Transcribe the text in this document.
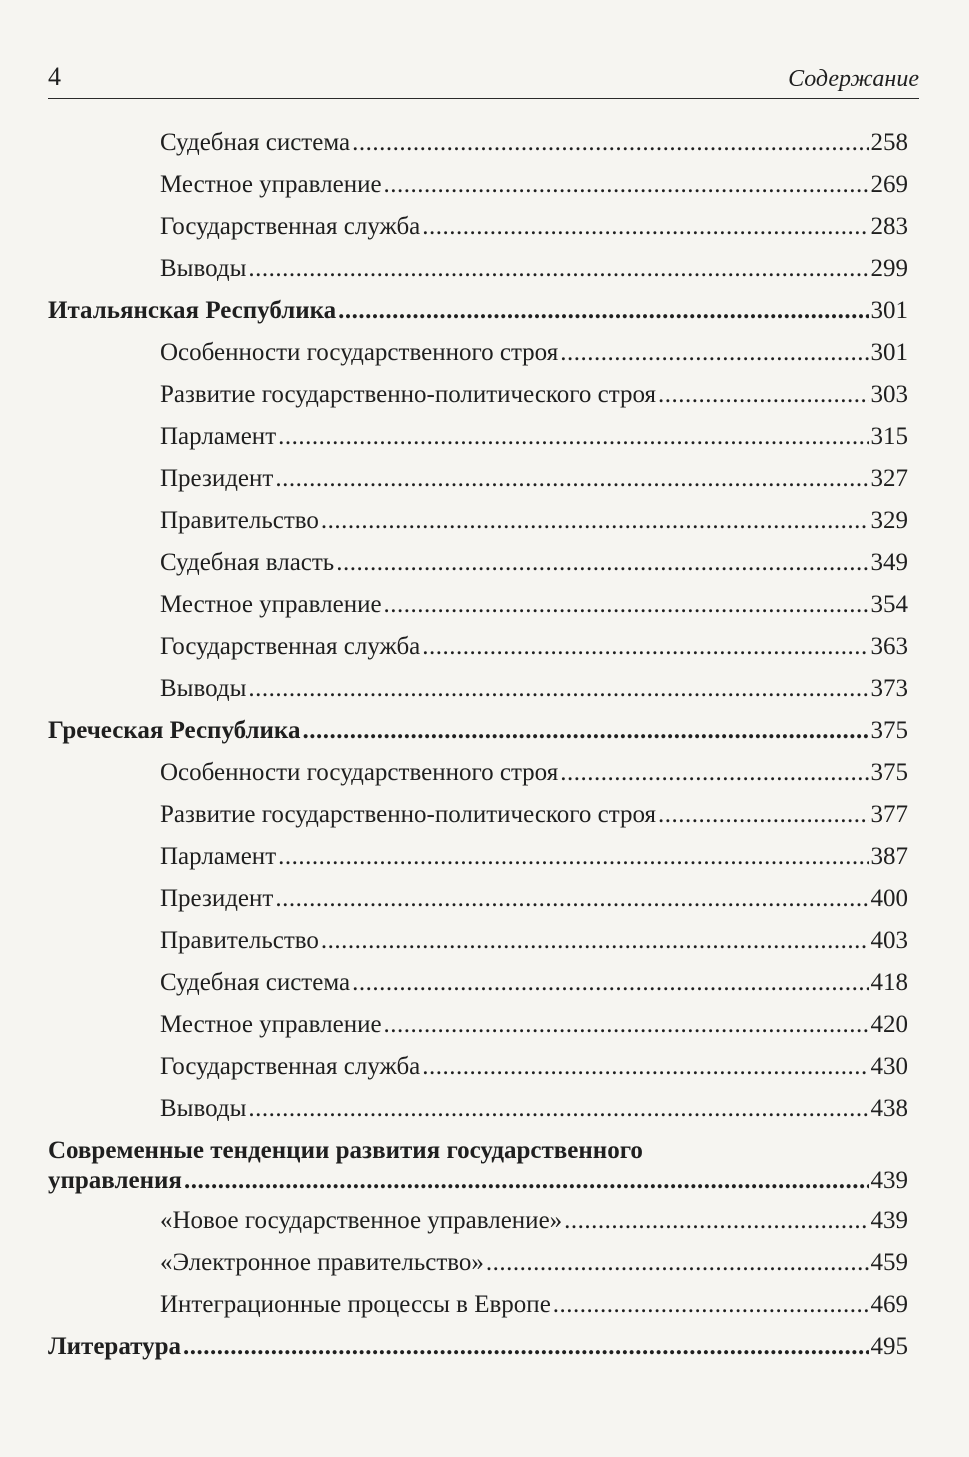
4	Содержание
Судебная система .....	258
Местное управление .....	269
Государственная служба .....	283
Выводы .....	299
Итальянская Республика .....	301
Особенности государственного строя .....	301
Развитие государственно-политического строя .....	303
Парламент .....	315
Президент .....	327
Правительство .....	329
Судебная власть .....	349
Местное управление .....	354
Государственная служба .....	363
Выводы .....	373
Греческая Республика .....	375
Особенности государственного строя .....	375
Развитие государственно-политического строя .....	377
Парламент .....	387
Президент .....	400
Правительство .....	403
Судебная система .....	418
Местное управление .....	420
Государственная служба .....	430
Выводы .....	438
Современные тенденции развития государственного
управления .....	439
«Новое государственное управление» .....	439
«Электронное правительство» .....	459
Интеграционные процессы в Европе .....	469
Литература .....	495
